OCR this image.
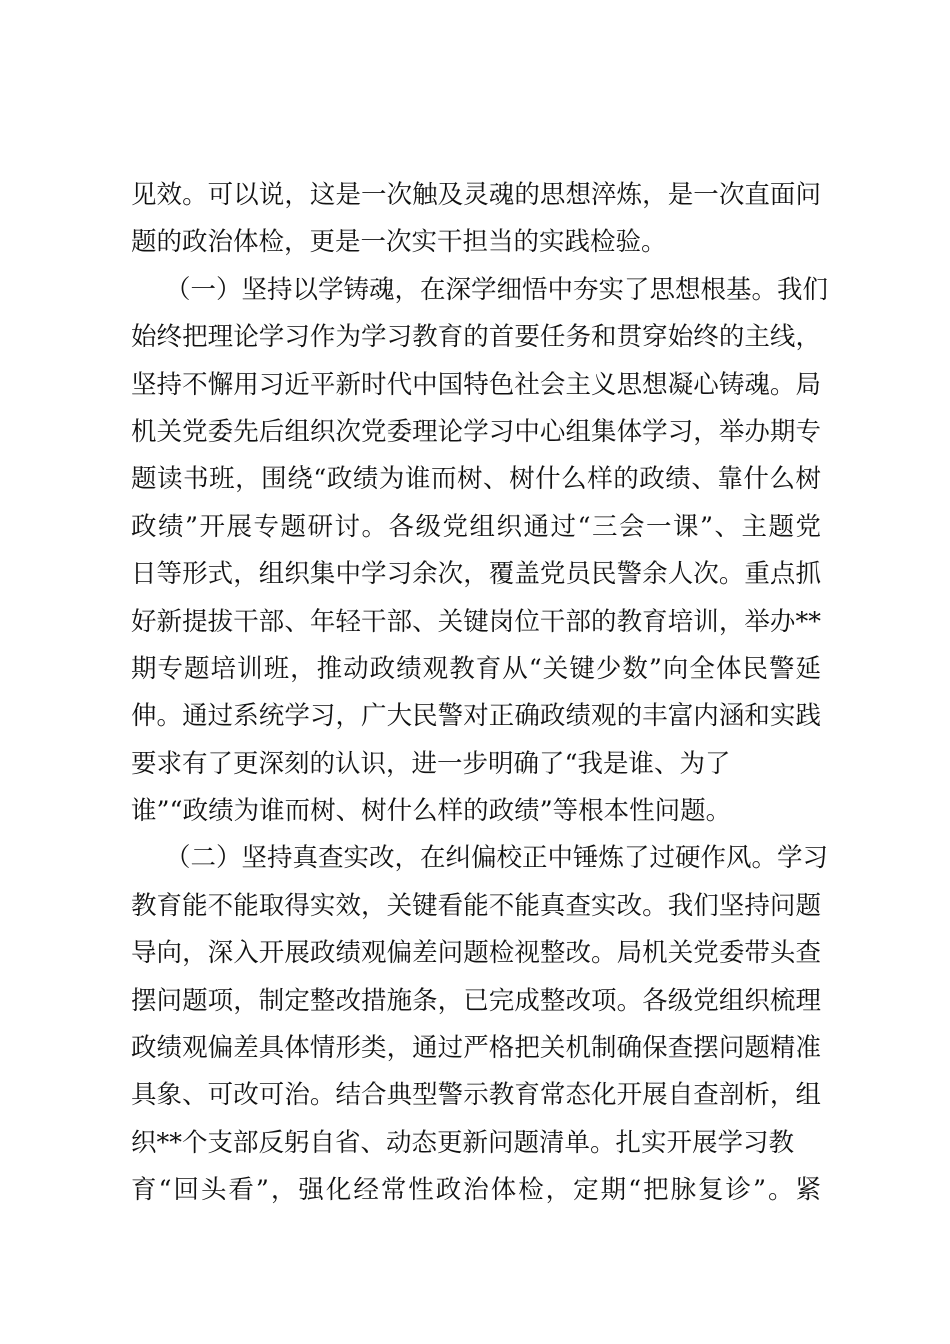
见效。可以说，这是一次触及灵魂的思想淬炼，是一次直面问
题的政治体检，更是一次实干担当的实践检验。
（一）坚持以学铸魂，在深学细悟中夯实了思想根基。我们
始终把理论学习作为学习教育的首要任务和贯穿始终的主线，
坚持不懈用习近平新时代中国特色社会主义思想凝心铸魂。局
机关党委先后组织次党委理论学习中心组集体学习，举办期专
题读书班，围绕“政绩为谁而树、树什么样的政绩、靠什么树
政绩”开展专题研讨。各级党组织通过“三会一课”、主题党
日等形式，组织集中学习余次，覆盖党员民警余人次。重点抓
好新提拔干部、年轻干部、关键岗位干部的教育培训，举办**
期专题培训班，推动政绩观教育从“关键少数”向全体民警延
伸。通过系统学习，广大民警对正确政绩观的丰富内涵和实践
要求有了更深刻的认识，进一步明确了“我是谁、为了
谁”“政绩为谁而树、树什么样的政绩”等根本性问题。
（二）坚持真查实改，在纠偏校正中锤炼了过硬作风。学习
教育能不能取得实效，关键看能不能真查实改。我们坚持问题
导向，深入开展政绩观偏差问题检视整改。局机关党委带头查
摆问题项，制定整改措施条，已完成整改项。各级党组织梳理
政绩观偏差具体情形类，通过严格把关机制确保查摆问题精准
具象、可改可治。结合典型警示教育常态化开展自查剖析，组
织**个支部反躬自省、动态更新问题清单。扎实开展学习教
育“回头看”，强化经常性政治体检，定期“把脉复诊”。紧
